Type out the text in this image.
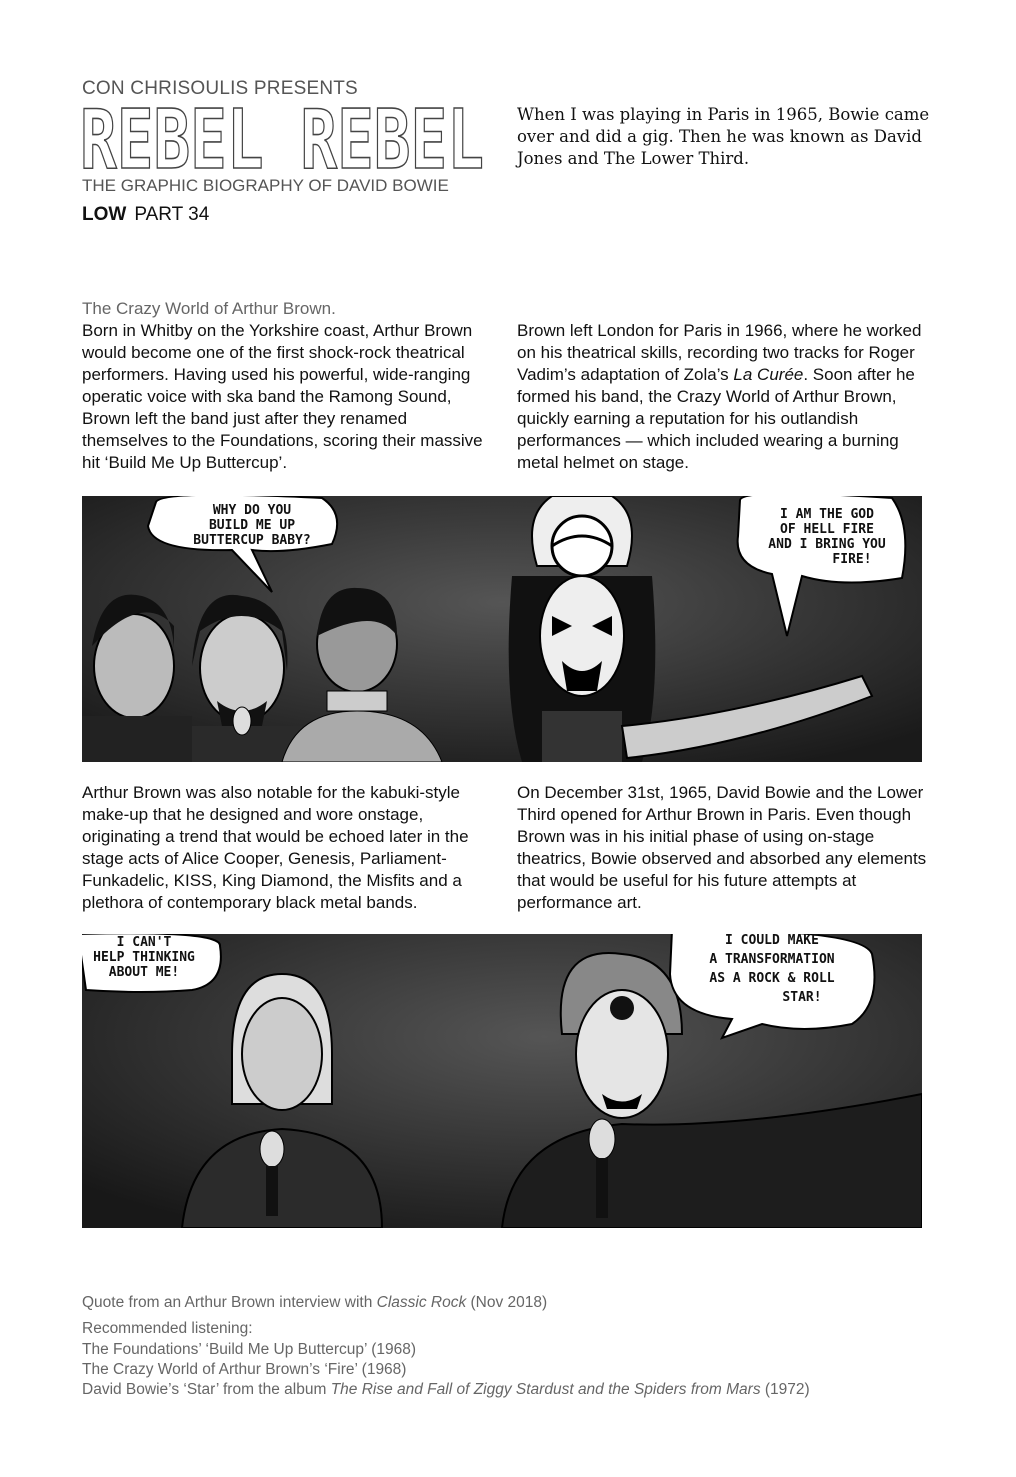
CON CHRISOULIS PRESENTS
REBEL REBEL
THE GRAPHIC BIOGRAPHY OF DAVID BOWIE
LOW PART 34
When I was playing in Paris in 1965, Bowie came over and did a gig. Then he was known as David Jones and The Lower Third.
The Crazy World of Arthur Brown.
Born in Whitby on the Yorkshire coast, Arthur Brown would become one of the first shock-rock theatrical performers. Having used his powerful, wide-ranging operatic voice with ska band the Ramong Sound, Brown left the band just after they renamed themselves to the Foundations, scoring their massive hit ‘Build Me Up Buttercup’.
Brown left London for Paris in 1966, where he worked on his theatrical skills, recording two tracks for Roger Vadim’s adaptation of Zola’s La Curée. Soon after he formed his band, the Crazy World of Arthur Brown, quickly earning a reputation for his outlandish performances — which included wearing a burning metal helmet on stage.
WHY DO YOU
BUILD ME UP
BUTTERCUP BABY?
I AM THE GOD
OF HELL FIRE
AND I BRING YOU
FIRE!
Arthur Brown was also notable for the kabuki-style make-up that he designed and wore onstage, originating a trend that would be echoed later in the stage acts of Alice Cooper, Genesis, Parliament-Funkadelic, KISS, King Diamond, the Misfits and a plethora of contemporary black metal bands.
On December 31st, 1965, David Bowie and the Lower Third opened for Arthur Brown in Paris. Even though Brown was in his initial phase of using on-stage theatrics, Bowie observed and absorbed any elements that would be useful for his future attempts at performance art.
I CAN'T
HELP THINKING
ABOUT ME!
I COULD MAKE
A TRANSFORMATION
AS A ROCK & ROLL
STAR!
Quote from an Arthur Brown interview with Classic Rock (Nov 2018)
Recommended listening:
The Foundations’ ‘Build Me Up Buttercup’ (1968)
The Crazy World of Arthur Brown’s ‘Fire’ (1968)
David Bowie’s ‘Star’ from the album The Rise and Fall of Ziggy Stardust and the Spiders from Mars (1972)
